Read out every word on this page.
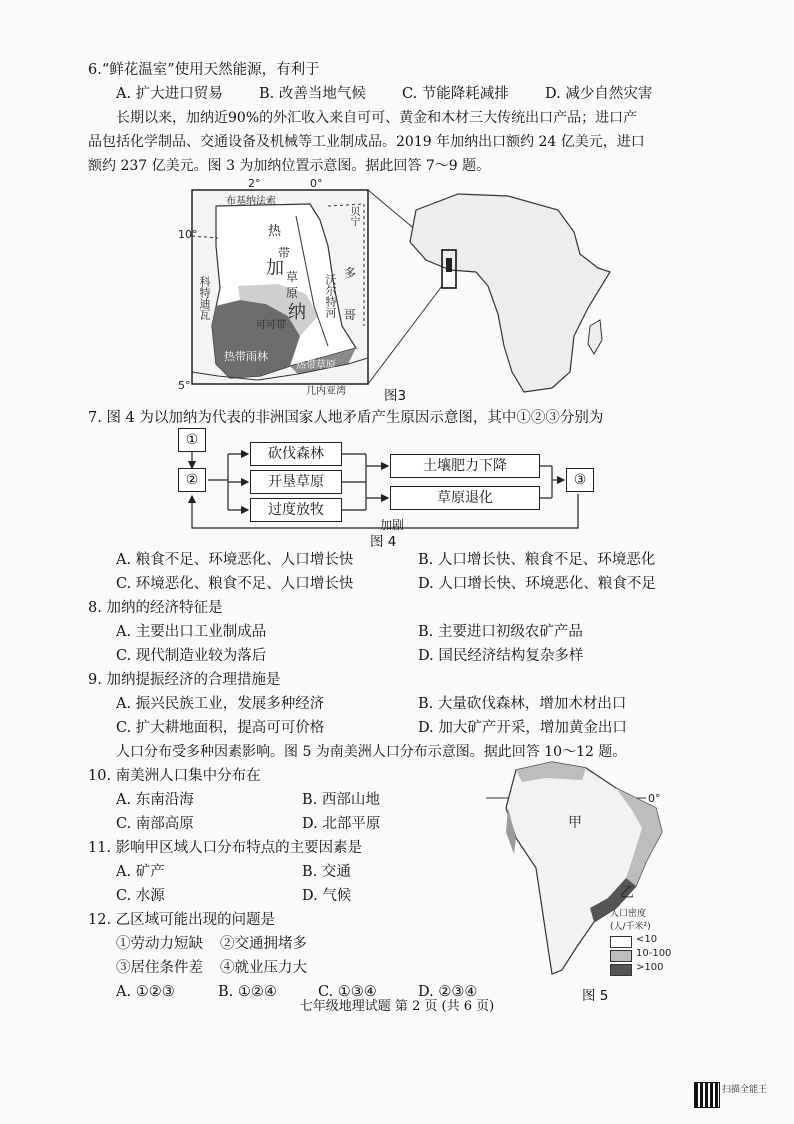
6.“鲜花温室”使用天然能源，有利于
A. 扩大进口贸易	B. 改善当地气候 C. 节能降耗减排 D. 减少自然灾害
长期以来，加纳近90%的外汇收入来自可可、黄金和木材三大传统出口产品；进口产
品包括化学制品、交通设备及机械等工业制成品。2019 年加纳出口额约 24 亿美元，进口
额约 237 亿美元。图 3 为加纳位置示意图。据此回答 7～9 题。
2°	0°
10°
5°
布基纳法索
贝宁
热
带
加 草
原
纳
多
哥
科特迪瓦	沃尔特河
可可带
热带雨林
热带草原
几内亚湾	图3
7. 图 4 为以加纳为代表的非洲国家人地矛盾产生原因示意图，其中①②③分别为
①
②
砍伐森林
开垦草原
过度放牧
土壤肥力下降
草原退化
③
加剧
图 4
A. 粮食不足、环境恶化、人口增长快	B. 人口增长快、粮食不足、环境恶化
C. 环境恶化、粮食不足、人口增长快	D. 人口增长快、环境恶化、粮食不足
8. 加纳的经济特征是
A. 主要出口工业制成品	B. 主要进口初级农矿产品
C. 现代制造业较为落后	D. 国民经济结构复杂多样
9. 加纳提振经济的合理措施是
A. 振兴民族工业，发展多种经济	B. 大量砍伐森林，增加木材出口
C. 扩大耕地面积，提高可可价格	D. 加大矿产开采，增加黄金出口
人口分布受多种因素影响。图 5 为南美洲人口分布示意图。据此回答 10～12 题。
10. 南美洲人口集中分布在
A. 东南沿海	B. 西部山地
C. 南部高原	D. 北部平原
11. 影响甲区域人口分布特点的主要因素是
A. 矿产	B. 交通
C. 水源	D. 气候
12. 乙区域可能出现的问题是
①劳动力短缺 ②交通拥堵多
③居住条件差 ④就业压力大
A. ①②③	B. ①②④	C. ①③④	D. ②③④
0°
甲
乙
人口密度
(人/千米²)
<10
10-100
>100
图 5
七年级地理试题 第 2 页 (共 6 页)
扫描全能王
